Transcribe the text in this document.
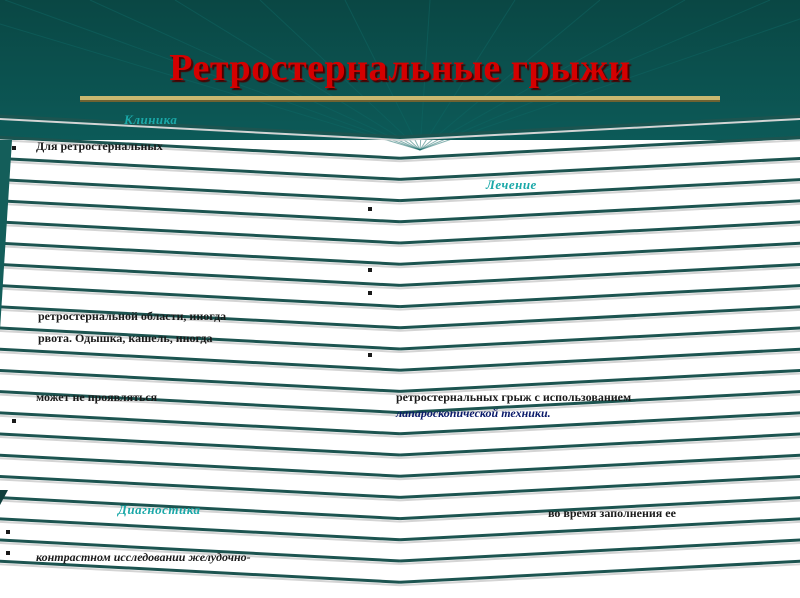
Ретростернальные грыжи
Клиника
Для ретростернальных
ретростернальной области, иногда
рвота. Одышка, кашель, иногда
может не проявляться
Диагностика
контрастном исследовании желудочно-
Лечение
ретростернальных грыж с использованием
лапароскопической техники.
во время заполнения ее
